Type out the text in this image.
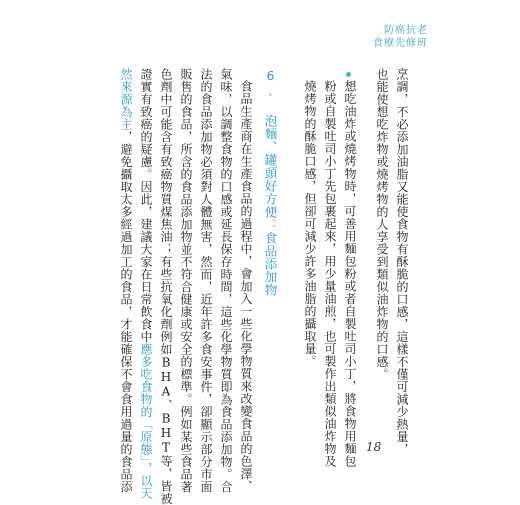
防癌抗老
食療先修班
烹調，不必添加油脂又能使食物有酥脆的口感，這樣不僅可減少熱量，
也能使想吃炸物或燒烤物的人享受到類似油炸物的口感。
想吃油炸或燒烤物時，可善用麵包粉或者自製吐司小丁，將食物用麵包
粉或自製吐司小丁先包裹起來，用少量油煎，也可製作出類似油炸物及
燒烤物的酥脆口感，但卻可減少許多油脂的攝取量。
6. 泡麵、罐頭好方便：食品添加物
食品生產商在生產食品的過程中，會加入一些化學物質來改變食品的色澤、
氣味，以調整食物的口感或延長保存時間，這些化學物質即為食品添加物。合
法的食品添加物必須對人體無害，然而，近年許多食安事件，卻顯示部分市面
販售的食品，所含的食品添加物並不符合健康或安全的標準。例如某些食品著
色劑中可能含有致癌物質煤焦油；有些抗氧化劑例如BHA、BHT等，皆被
證實有致癌的疑慮。因此，建議大家在日常飲食中應多吃食物的「原態」，以天
然來源為主，避免攝取太多經過加工的食品，才能確保不會食用過量的食品添	18
